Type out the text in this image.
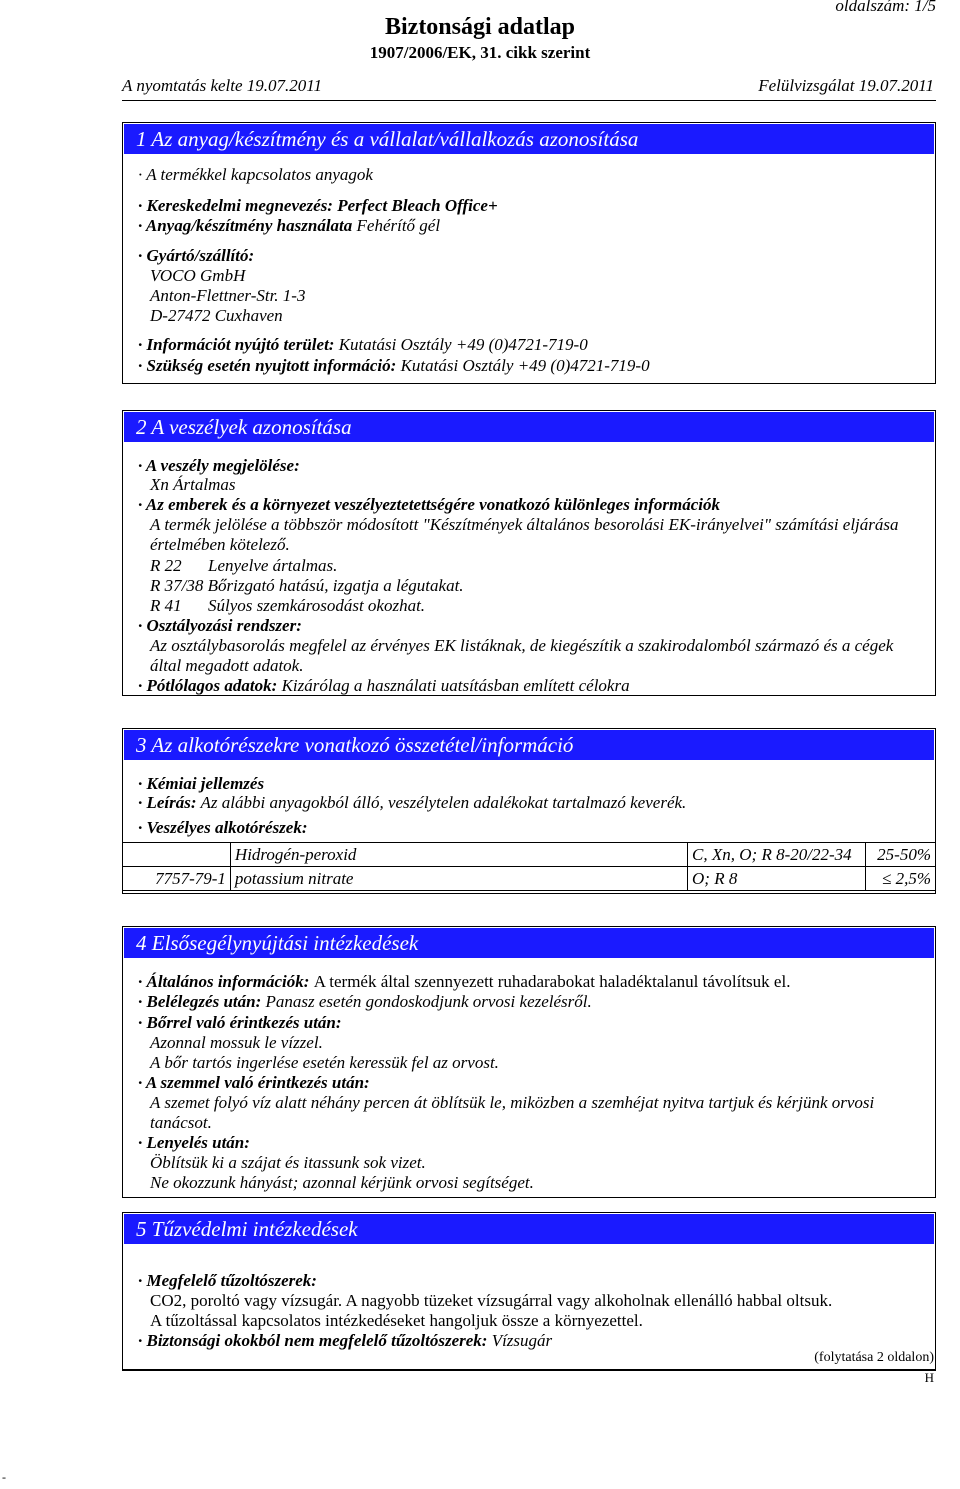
oldalszám: 1/5
Biztonsági adatlap
1907/2006/EK, 31. cikk szerint
A nyomtatás kelte 19.07.2011	Felülvizsgálat 19.07.2011
1 Az anyag/készítmény és a vállalat/vállalkozás azonosítása
· A termékkel kapcsolatos anyagok
· Kereskedelmi megnevezés: Perfect Bleach Office+
· Anyag/készítmény használata Fehérítő gél
· Gyártó/szállító:
VOCO GmbH
Anton-Flettner-Str. 1-3
D-27472 Cuxhaven
· Információt nyújtó terület: Kutatási Osztály +49 (0)4721-719-0
· Szükség esetén nyujtott információ: Kutatási Osztály +49 (0)4721-719-0
2 A veszélyek azonosítása
· A veszély megjelölése:
Xn Ártalmas
· Az emberek és a környezet veszélyeztetettségére vonatkozó különleges információk
A termék jelölése a többször módosított "Készítmények általános besorolási EK-irányelvei" számítási eljárása
értelmében kötelező.
R 22 Lenyelve ártalmas.
R 37/38 Bőrizgató hatású, izgatja a légutakat.
R 41 Súlyos szemkárosodást okozhat.
· Osztályozási rendszer:
Az osztálybasorolás megfelel az érvényes EK listáknak, de kiegészítik a szakirodalomból származó és a cégek
által megadott adatok.
· Pótlólagos adatok: Kizárólag a használati uatsításban említett célokra
3 Az alkotórészekre vonatkozó összetétel/információ
· Kémiai jellemzés
· Leírás: Az alábbi anyagokból álló, veszélytelen adalékokat tartalmazó keverék.
· Veszélyes alkotórészek:
	Hidrogén-peroxid	C, Xn, O; R 8-20/22-34	25-50%
7757-79-1	potassium nitrate	O; R 8	≤ 2,5%
4 Elsősegélynyújtási intézkedések
· Általános információk: A termék által szennyezett ruhadarabokat haladéktalanul távolítsuk el.
· Belélegzés után: Panasz esetén gondoskodjunk orvosi kezelésről.
· Bőrrel való érintkezés után:
Azonnal mossuk le vízzel.
A bőr tartós ingerlése esetén keressük fel az orvost.
· A szemmel való érintkezés után:
A szemet folyó víz alatt néhány percen át öblítsük le, miközben a szemhéjat nyitva tartjuk és kérjünk orvosi
tanácsot.
· Lenyelés után:
Öblítsük ki a szájat és itassunk sok vizet.
Ne okozzunk hányást; azonnal kérjünk orvosi segítséget.
5 Tűzvédelmi intézkedések
· Megfelelő tűzoltószerek:
CO2, poroltó vagy vízsugár. A nagyobb tüzeket vízsugárral vagy alkoholnak ellenálló habbal oltsuk.
A tűzoltással kapcsolatos intézkedéseket hangoljuk össze a környezettel.
· Biztonsági okokból nem megfelelő tűzoltószerek: Vízsugár
(folytatása 2 oldalon)
H
-
